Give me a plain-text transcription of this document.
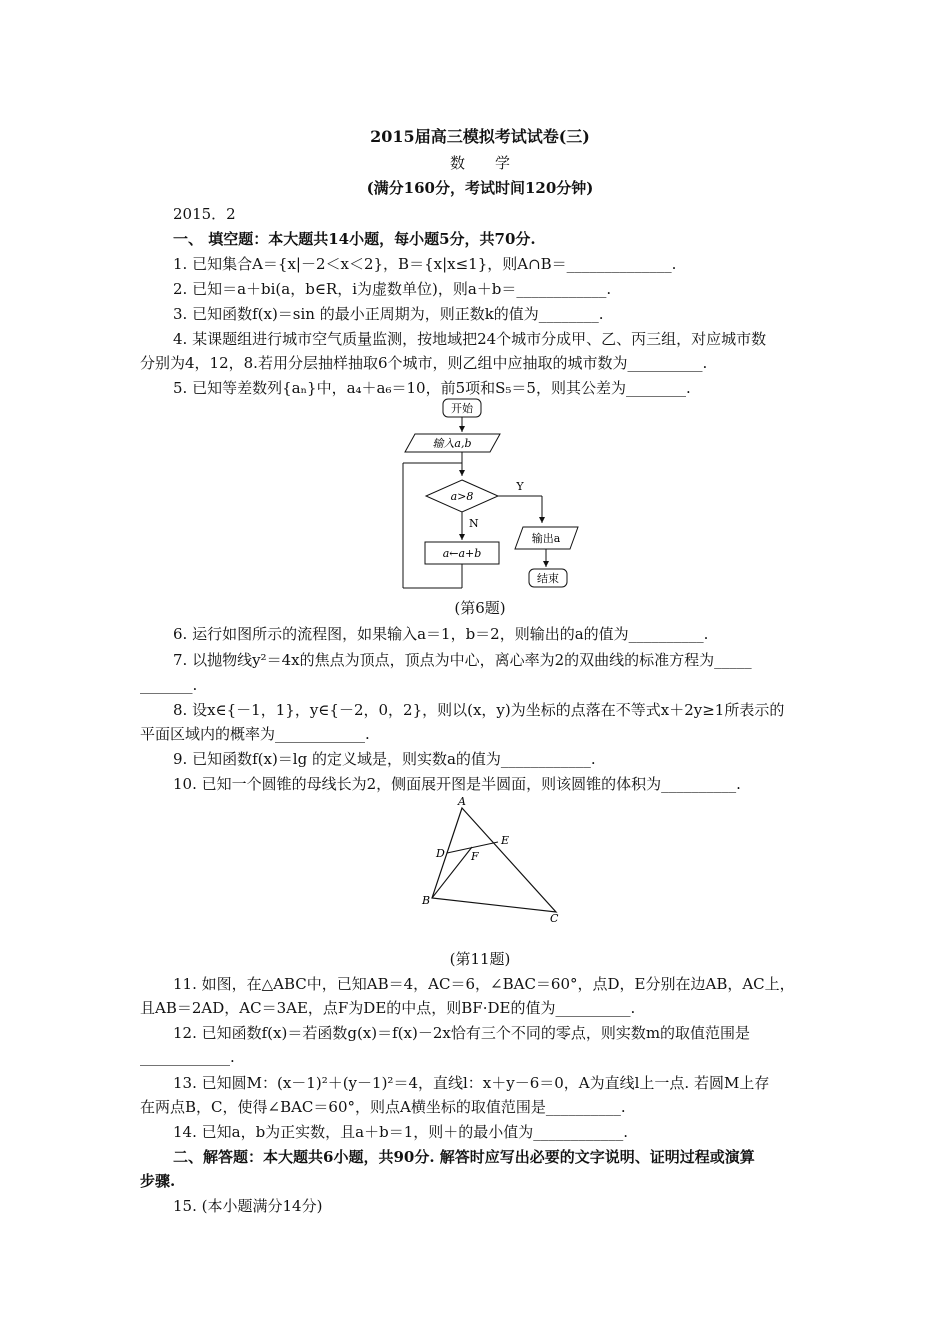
2015届高三模拟考试试卷(三)
数　　学
(满分160分，考试时间120分钟)
2015．2
一、 填空题：本大题共14小题，每小题5分，共70分.
1. 已知集合A＝{x|－2＜x＜2}，B＝{x|x≤1}，则A∩B＝______________.
2. 已知＝a＋bi(a，b∈R，i为虚数单位)，则a＋b＝____________.
3. 已知函数f(x)＝sin 的最小正周期为，则正数k的值为________.
4. 某课题组进行城市空气质量监测，按地域把24个城市分成甲、乙、丙三组，对应城市数
分别为4，12，8.若用分层抽样抽取6个城市，则乙组中应抽取的城市数为__________.
5. 已知等差数列{aₙ}中，a₄＋a₆＝10，前5项和S₅＝5，则其公差为________.
开始
输入a,b
a>8
Y
N
a←a+b
输出a
结束
(第6题)
6. 运行如图所示的流程图，如果输入a＝1，b＝2，则输出的a的值为__________.
7. 以抛物线y²＝4x的焦点为顶点，顶点为中心，离心率为2的双曲线的标准方程为_____
_______.
8. 设x∈{－1，1}，y∈{－2，0，2}，则以(x，y)为坐标的点落在不等式x＋2y≥1所表示的
平面区域内的概率为____________.
9. 已知函数f(x)＝lg 的定义域是，则实数a的值为____________.
10. 已知一个圆锥的母线长为2，侧面展开图是半圆面，则该圆锥的体积为__________.
A
B
C
D
E
F
(第11题)
11. 如图，在△ABC中，已知AB＝4，AC＝6，∠BAC＝60°，点D，E分别在边AB，AC上，
且AB＝2AD，AC＝3AE，点F为DE的中点，则BF·DE的值为__________.
12. 已知函数f(x)＝若函数g(x)＝f(x)－2x恰有三个不同的零点，则实数m的取值范围是
____________.
13. 已知圆M：(x－1)²＋(y－1)²＝4，直线l：x＋y－6＝0，A为直线l上一点. 若圆M上存
在两点B，C，使得∠BAC＝60°，则点A横坐标的取值范围是__________.
14. 已知a，b为正实数，且a＋b＝1，则＋的最小值为____________.
二、解答题：本大题共6小题，共90分. 解答时应写出必要的文字说明、证明过程或演算
步骤.
15. (本小题满分14分)
